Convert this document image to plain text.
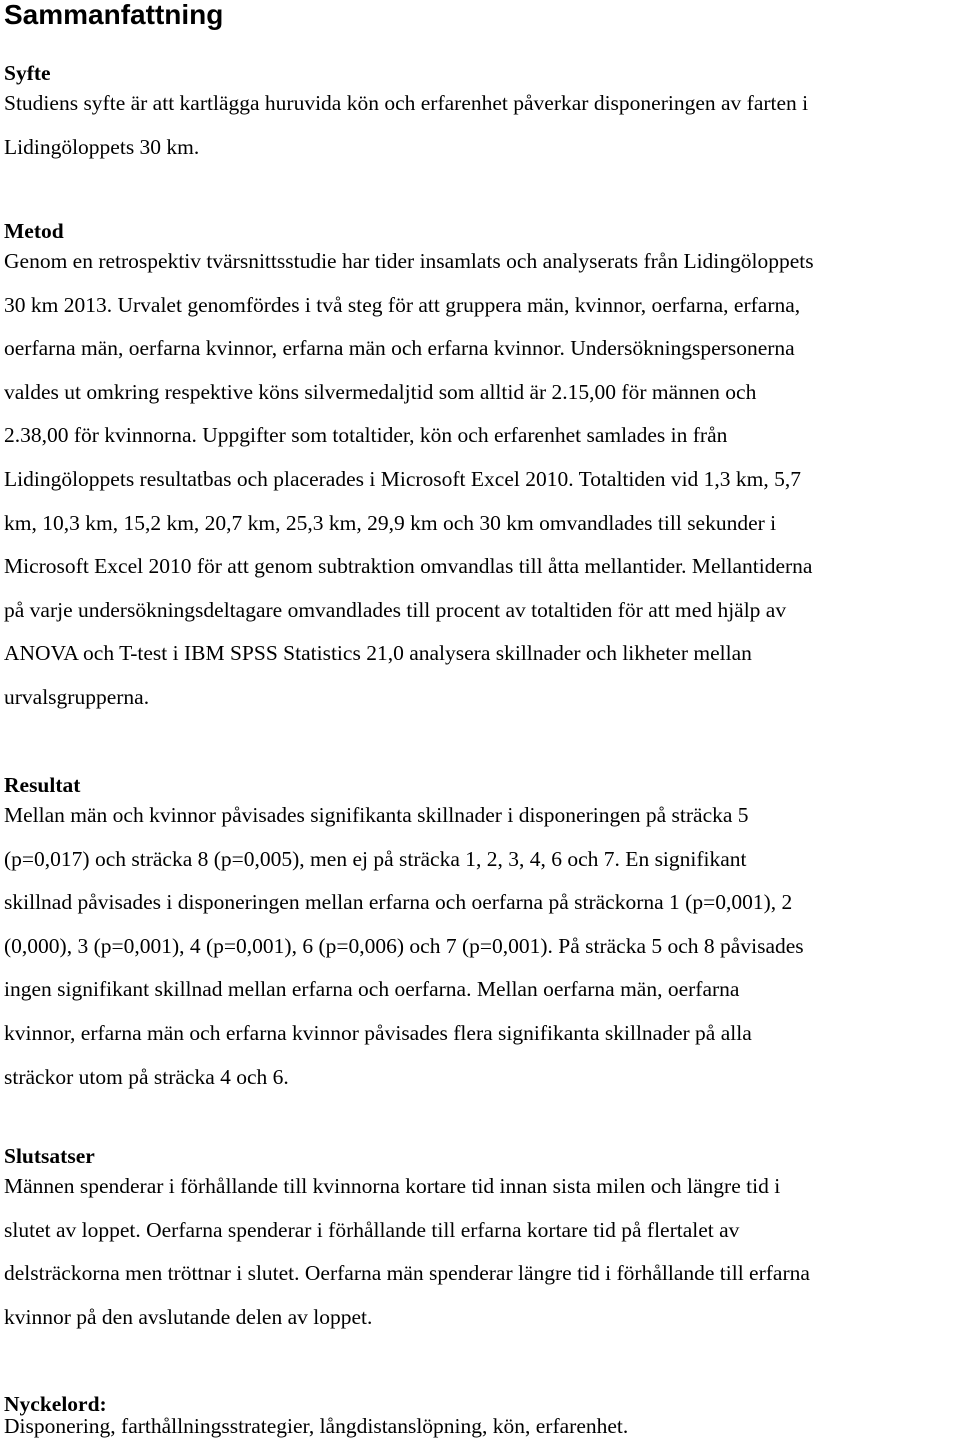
Sammanfattning
Syfte

Studiens syfte är att kartlägga huruvida kön och erfarenhet påverkar disponeringen av farten i
Lidingöloppets 30 km.

Metod

Genom en retrospektiv tvärsnittsstudie har tider insamlats och analyserats från Lidingöloppets
30 km 2013. Urvalet genomfördes i två steg för att gruppera män, kvinnor, oerfarna, erfarna,
oerfarna män, oerfarna kvinnor, erfarna män och erfarna kvinnor. Undersökningspersonerna
valdes ut omkring respektive köns silvermedaljtid som alltid är 2.15,00 för männen och
2.38,00 för kvinnorna. Uppgifter som totaltider, kön och erfarenhet samlades in från
Lidingöloppets resultatbas och placerades i Microsoft Excel 2010. Totaltiden vid 1,3 km, 5,7
km, 10,3 km, 15,2 km, 20,7 km, 25,3 km, 29,9 km och 30 km omvandlades till sekunder i
Microsoft Excel 2010 för att genom subtraktion omvandlas till åtta mellantider. Mellantiderna
på varje undersökningsdeltagare omvandlades till procent av totaltiden för att med hjälp av
ANOVA och T-test i IBM SPSS Statistics 21,0 analysera skillnader och likheter mellan
urvalsgrupperna.

Resultat

Mellan män och kvinnor påvisades signifikanta skillnader i disponeringen på sträcka 5
(p=0,017) och sträcka 8 (p=0,005), men ej på sträcka 1, 2, 3, 4, 6 och 7. En signifikant
skillnad påvisades i disponeringen mellan erfarna och oerfarna på sträckorna 1 (p=0,001), 2
(0,000), 3 (p=0,001), 4 (p=0,001), 6 (p=0,006) och 7 (p=0,001). På sträcka 5 och 8 påvisades
ingen signifikant skillnad mellan erfarna och oerfarna. Mellan oerfarna män, oerfarna
kvinnor, erfarna män och erfarna kvinnor påvisades flera signifikanta skillnader på alla
sträckor utom på sträcka 4 och 6.

Slutsatser

Männen spenderar i förhållande till kvinnorna kortare tid innan sista milen och längre tid i
slutet av loppet. Oerfarna spenderar i förhållande till erfarna kortare tid på flertalet av
delsträckorna men tröttnar i slutet. Oerfarna män spenderar längre tid i förhållande till erfarna
kvinnor på den avslutande delen av loppet.

Nyckelord:

Disponering, farthållningsstrategier, långdistanslöpning, kön, erfarenhet.
